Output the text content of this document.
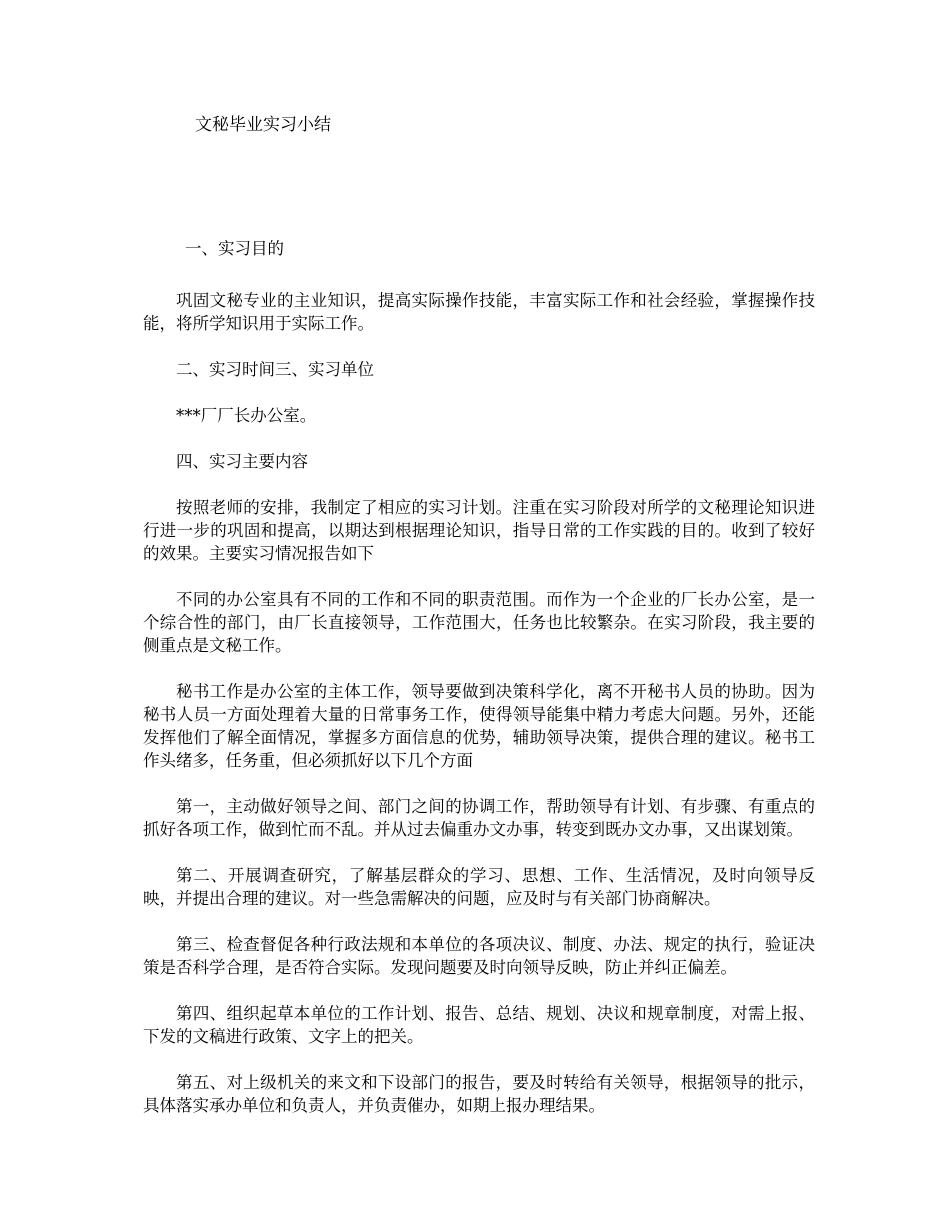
文秘毕业实习小结

一、实习目的

巩固文秘专业的主业知识，提高实际操作技能，丰富实际工作和社会经验，掌握操作技能，将所学知识用于实际工作。

二、实习时间三、实习单位

***厂厂长办公室。

四、实习主要内容

按照老师的安排，我制定了相应的实习计划。注重在实习阶段对所学的文秘理论知识进行进一步的巩固和提高，以期达到根据理论知识，指导日常的工作实践的目的。收到了较好的效果。主要实习情况报告如下

不同的办公室具有不同的工作和不同的职责范围。而作为一个企业的厂长办公室，是一个综合性的部门，由厂长直接领导，工作范围大，任务也比较繁杂。在实习阶段，我主要的侧重点是文秘工作。

秘书工作是办公室的主体工作，领导要做到决策科学化，离不开秘书人员的协助。因为秘书人员一方面处理着大量的日常事务工作，使得领导能集中精力考虑大问题。另外，还能发挥他们了解全面情况，掌握多方面信息的优势，辅助领导决策，提供合理的建议。秘书工作头绪多，任务重，但必须抓好以下几个方面

第一，主动做好领导之间、部门之间的协调工作，帮助领导有计划、有步骤、有重点的抓好各项工作，做到忙而不乱。并从过去偏重办文办事，转变到既办文办事，又出谋划策。

第二、开展调查研究，了解基层群众的学习、思想、工作、生活情况，及时向领导反映，并提出合理的建议。对一些急需解决的问题，应及时与有关部门协商解决。

第三、检查督促各种行政法规和本单位的各项决议、制度、办法、规定的执行，验证决策是否科学合理，是否符合实际。发现问题要及时向领导反映，防止并纠正偏差。

第四、组织起草本单位的工作计划、报告、总结、规划、决议和规章制度，对需上报、下发的文稿进行政策、文字上的把关。

第五、对上级机关的来文和下设部门的报告，要及时转给有关领导，根据领导的批示，具体落实承办单位和负责人，并负责催办，如期上报办理结果。
